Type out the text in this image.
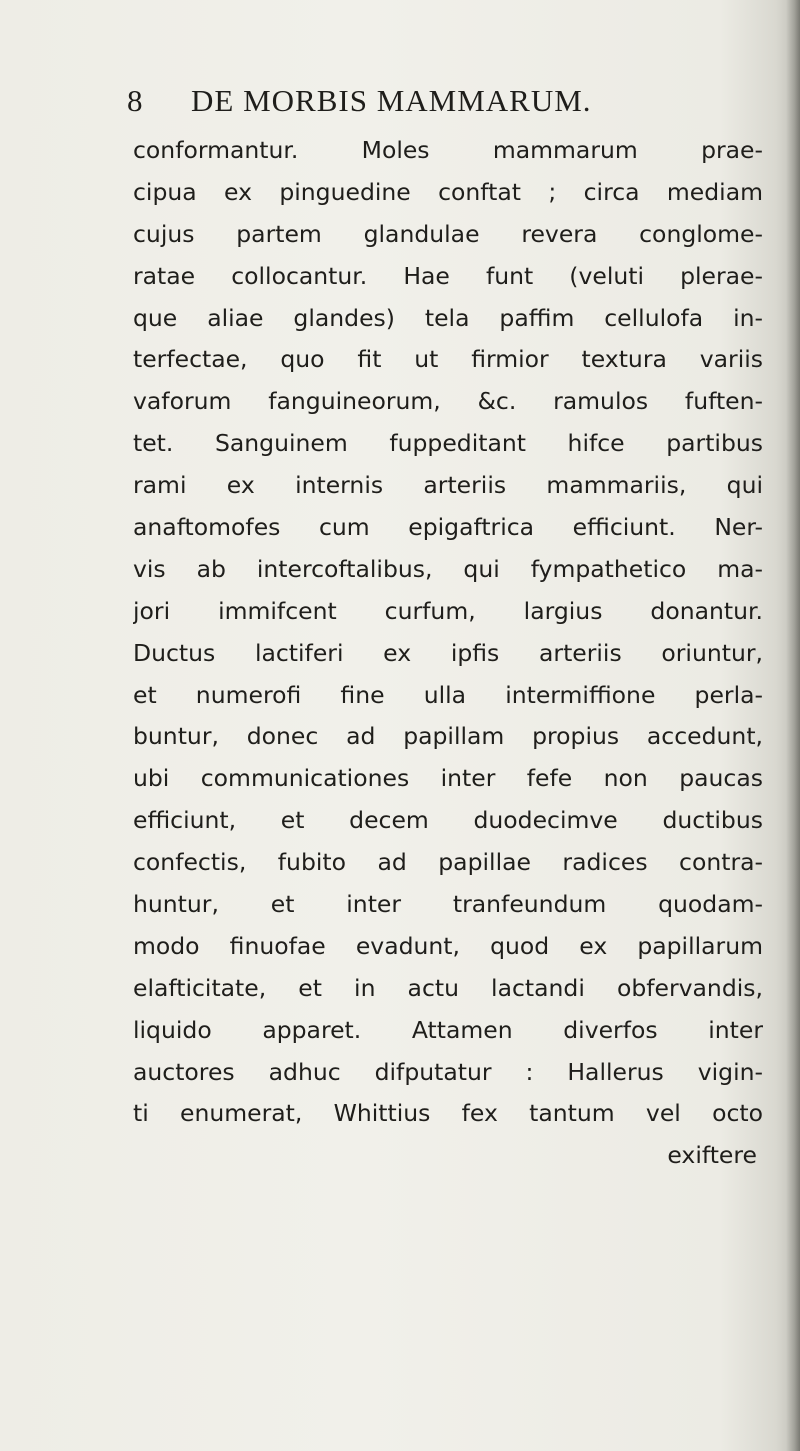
8 DE MORBIS MAMMARUM.
conformantur. Moles mammarum prae-
cipua ex pinguedine conftat ; circa mediam
cujus partem glandulae revera conglome-
ratae collocantur. Hae funt (veluti plerae-
que aliae glandes) tela paffim cellulofa in-
terfectae, quo fit ut firmior textura variis
vaforum fanguineorum, &c. ramulos fuften-
tet. Sanguinem fuppeditant hifce partibus
rami ex internis arteriis mammariis, qui
anaftomofes cum epigaftrica efficiunt. Ner-
vis ab intercoftalibus, qui fympathetico ma-
jori immifcent curfum, largius donantur.
Ductus lactiferi ex ipfis arteriis oriuntur,
et numerofi fine ulla intermiffione perla-
buntur, donec ad papillam propius accedunt,
ubi communicationes inter fefe non paucas
efficiunt, et decem duodecimve ductibus
confectis, fubito ad papillae radices contra-
huntur, et inter tranfeundum quodam-
modo finuofae evadunt, quod ex papillarum
elafticitate, et in actu lactandi obfervandis,
liquido apparet. Attamen diverfos inter
auctores adhuc difputatur : Hallerus vigin-
ti enumerat, Whittius fex tantum vel octo
exiftere
